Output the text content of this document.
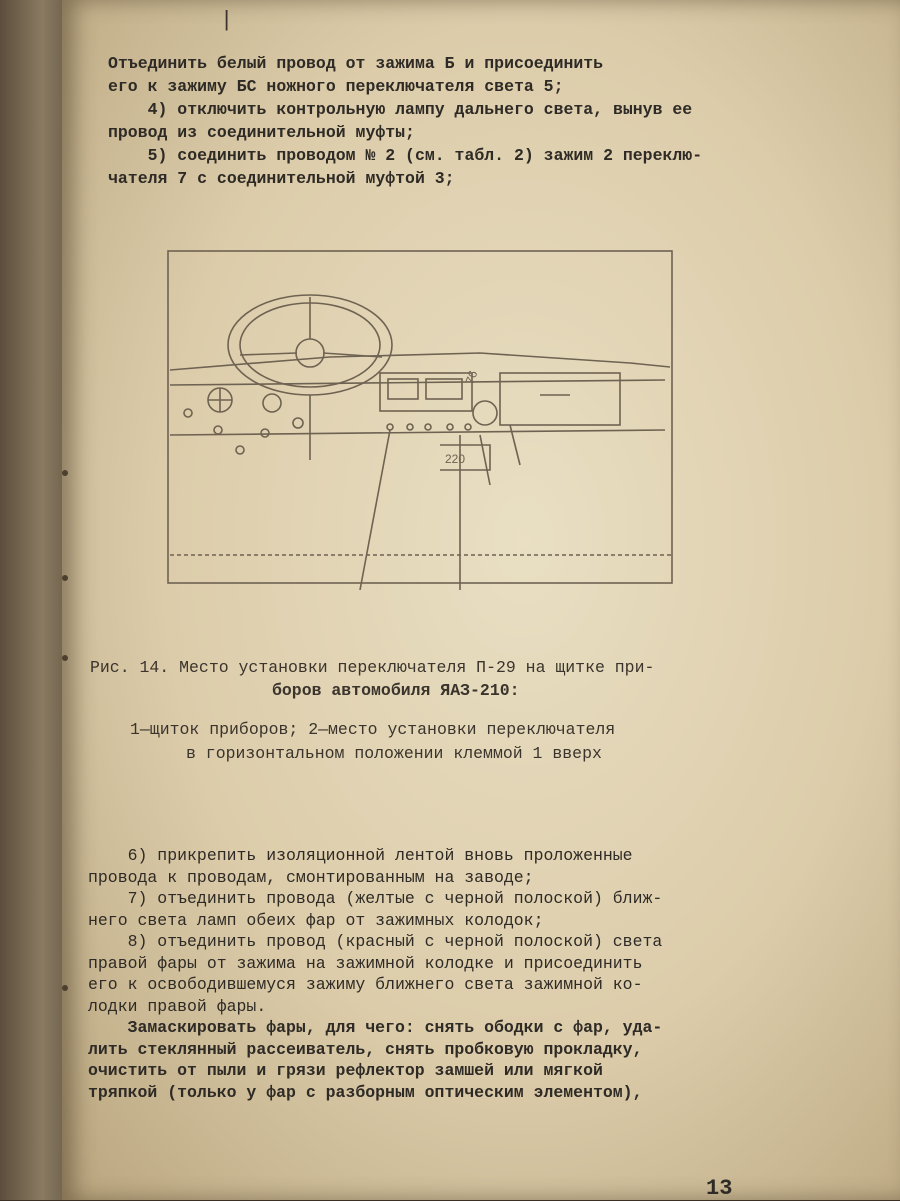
|
Отъединить белый провод от зажима Б и присоединить
его к зажиму БС ножного переключателя света 5;
4) отключить контрольную лампу дальнего света, вынув ее
провод из соединительной муфты;
5) соединить проводом № 2 (см. табл. 2) зажим 2 переклю-
чателя 7 с соединительной муфтой 3;
76
220
Рис. 14. Место установки переключателя П-29 на щитке при-
боров автомобиля ЯАЗ-210:
1—щиток приборов; 2—место установки переключателя
в горизонтальном положении клеммой 1 вверх
6) прикрепить изоляционной лентой вновь проложенные
провода к проводам, смонтированным на заводе;
7) отъединить провода (желтые с черной полоской) ближ-
него света ламп обеих фар от зажимных колодок;
8) отъединить провод (красный с черной полоской) света
правой фары от зажима на зажимной колодке и присоединить
его к освободившемуся зажиму ближнего света зажимной ко-
лодки правой фары.
Замаскировать фары, для чего: снять ободки с фар, уда-
лить стеклянный рассеиватель, снять пробковую прокладку,
очистить от пыли и грязи рефлектор замшей или мягкой
тряпкой (только у фар с разборным оптическим элементом),
13
